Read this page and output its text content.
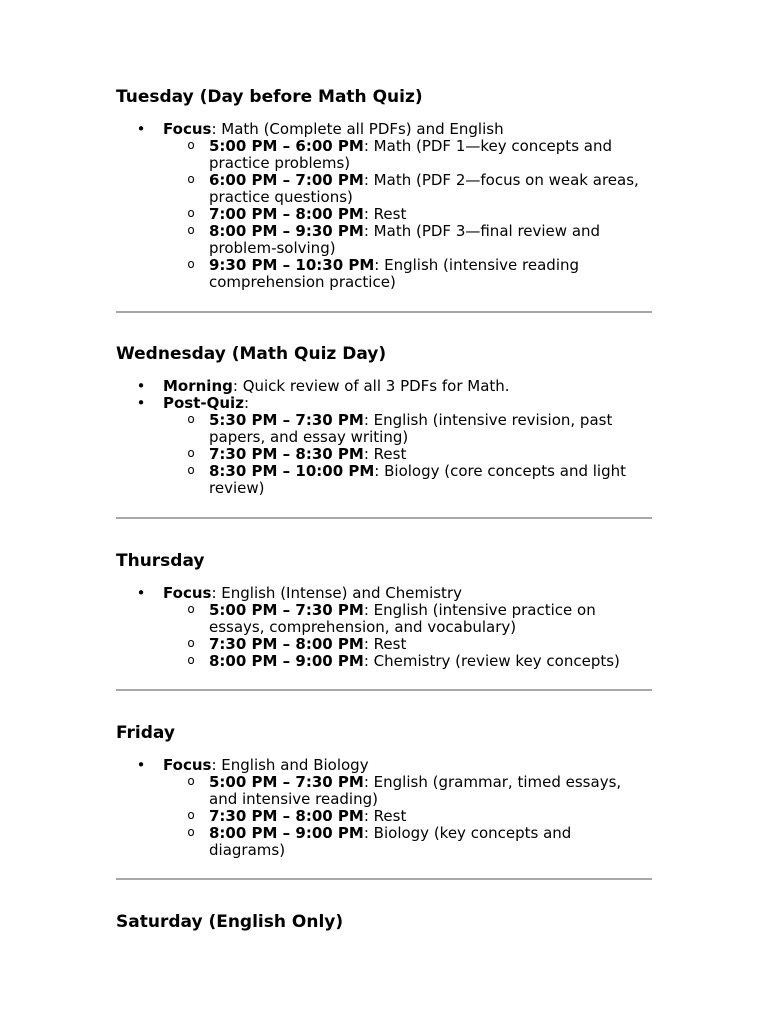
Tuesday (Day before Math Quiz)
• Focus: Math (Complete all PDFs) and English
o 5:00 PM – 6:00 PM: Math (PDF 1—key concepts and practice problems)
o 6:00 PM – 7:00 PM: Math (PDF 2—focus on weak areas, practice questions)
o 7:00 PM – 8:00 PM: Rest
o 8:00 PM – 9:30 PM: Math (PDF 3—final review and problem-solving)
o 9:30 PM – 10:30 PM: English (intensive reading comprehension practice)
Wednesday (Math Quiz Day)
• Morning: Quick review of all 3 PDFs for Math.
• Post-Quiz:
o 5:30 PM – 7:30 PM: English (intensive revision, past papers, and essay writing)
o 7:30 PM – 8:30 PM: Rest
o 8:30 PM – 10:00 PM: Biology (core concepts and light review)
Thursday
• Focus: English (Intense) and Chemistry
o 5:00 PM – 7:30 PM: English (intensive practice on essays, comprehension, and vocabulary)
o 7:30 PM – 8:00 PM: Rest
o 8:00 PM – 9:00 PM: Chemistry (review key concepts)
Friday
• Focus: English and Biology
o 5:00 PM – 7:30 PM: English (grammar, timed essays, and intensive reading)
o 7:30 PM – 8:00 PM: Rest
o 8:00 PM – 9:00 PM: Biology (key concepts and diagrams)
Saturday (English Only)
